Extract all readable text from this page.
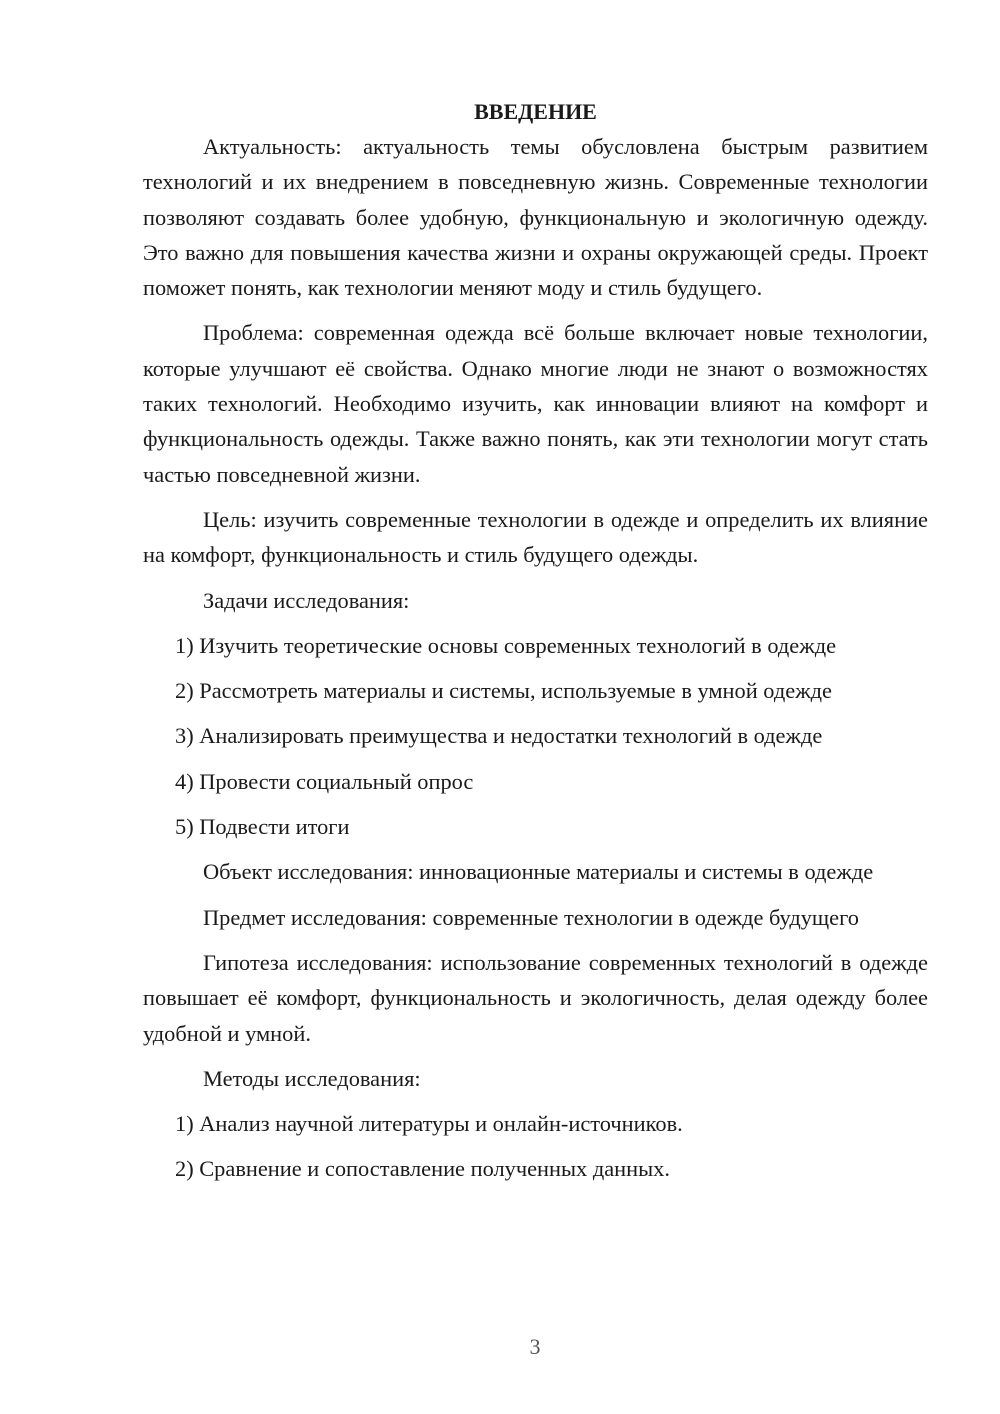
ВВЕДЕНИЕ

Актуальность: актуальность темы обусловлена быстрым развитием технологий и их внедрением в повседневную жизнь. Современные технологии позволяют создавать более удобную, функциональную и экологичную одежду. Это важно для повышения качества жизни и охраны окружающей среды. Проект поможет понять, как технологии меняют моду и стиль будущего.

Проблема: современная одежда всё больше включает новые технологии, которые улучшают её свойства. Однако многие люди не знают о возможностях таких технологий. Необходимо изучить, как инновации влияют на комфорт и функциональность одежды. Также важно понять, как эти технологии могут стать частью повседневной жизни.

Цель: изучить современные технологии в одежде и определить их влияние на комфорт, функциональность и стиль будущего одежды.

Задачи исследования:

1) Изучить теоретические основы современных технологий в одежде

2) Рассмотреть материалы и системы, используемые в умной одежде

3) Анализировать преимущества и недостатки технологий в одежде

4) Провести социальный опрос

5) Подвести итоги

Объект исследования: инновационные материалы и системы в одежде

Предмет исследования: современные технологии в одежде будущего

Гипотеза исследования: использование современных технологий в одежде повышает её комфорт, функциональность и экологичность, делая одежду более удобной и умной.

Методы исследования:

1) Анализ научной литературы и онлайн-источников.

2) Сравнение и сопоставление полученных данных.

3
